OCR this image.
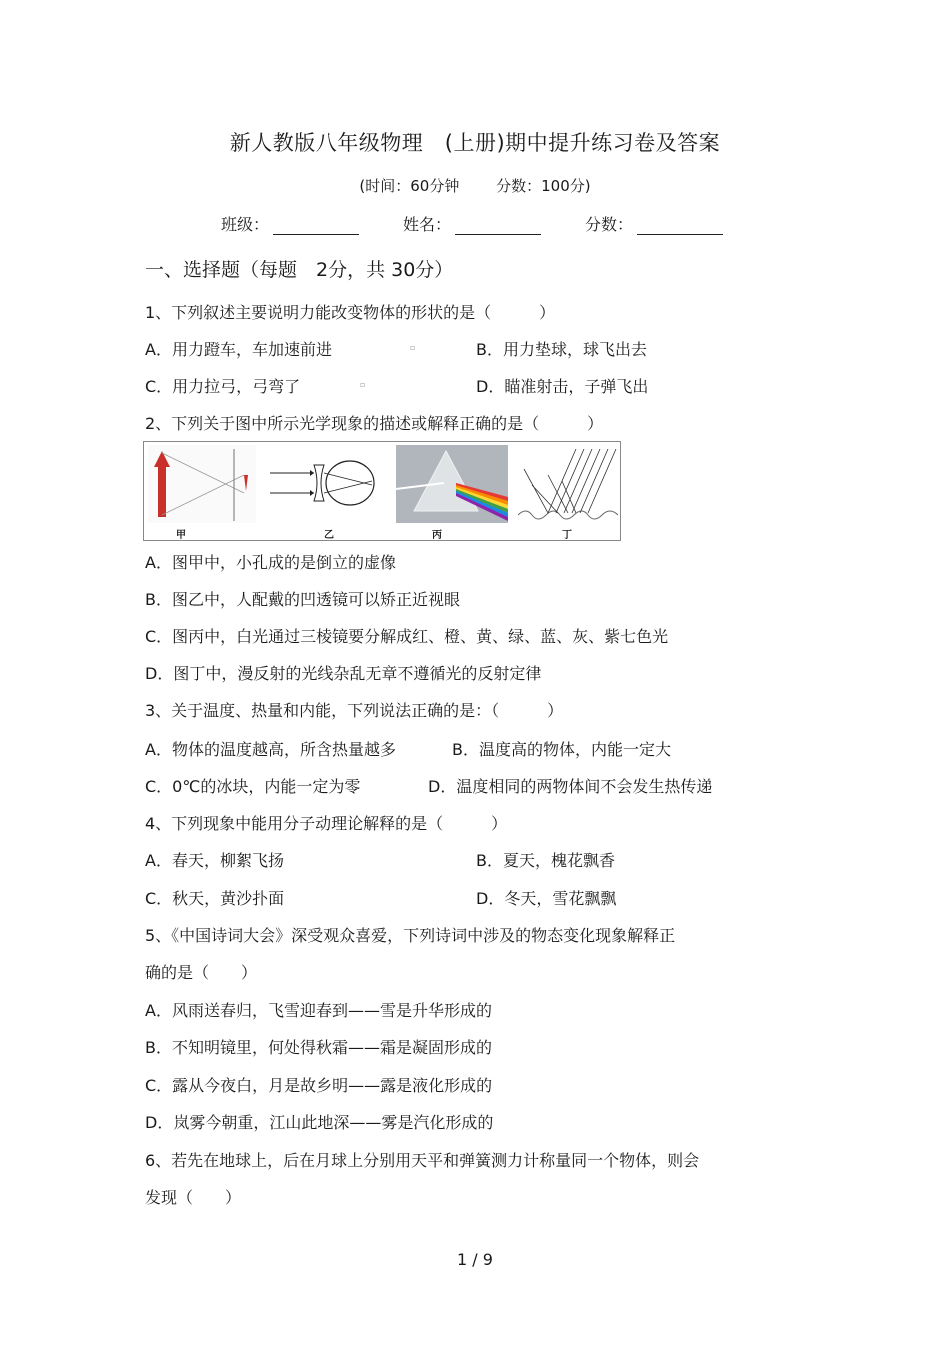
新人教版八年级物理　(上册)期中提升练习卷及答案
(时间：60分钟 分数：100分)
班级：	姓名：	分数：
一、选择题（每题　2分，共 30分）
1、下列叙述主要说明力能改变物体的形状的是（　　　）
A．用力蹬车，车加速前进	▫	B．用力垫球，球飞出去
C．用力拉弓，弓弯了	▫	D．瞄准射击，子弹飞出
2、下列关于图中所示光学现象的描述或解释正确的是（　　　）
甲	乙	丙	丁
A．图甲中，小孔成的是倒立的虚像
B．图乙中，人配戴的凹透镜可以矫正近视眼
C．图丙中，白光通过三棱镜要分解成红、橙、黄、绿、蓝、灰、紫七色光
D．图丁中，漫反射的光线杂乱无章不遵循光的反射定律
3、关于温度、热量和内能，下列说法正确的是：（　　　）
A．物体的温度越高，所含热量越多	B．温度高的物体，内能一定大
C．0℃的冰块，内能一定为零	D．温度相同的两物体间不会发生热传递
4、下列现象中能用分子动理论解释的是（　　　）
A．春天，柳絮飞扬	B．夏天，槐花飘香
C．秋天，黄沙扑面	D．冬天，雪花飘飘
5、《中国诗词大会》深受观众喜爱，下列诗词中涉及的物态变化现象解释正
确的是（　　）
A．风雨送春归，飞雪迎春到——雪是升华形成的
B．不知明镜里，何处得秋霜——霜是凝固形成的
C．露从今夜白，月是故乡明——露是液化形成的
D．岚雾今朝重，江山此地深——雾是汽化形成的
6、若先在地球上，后在月球上分别用天平和弹簧测力计称量同一个物体，则会
发现（　　）
1 / 9
